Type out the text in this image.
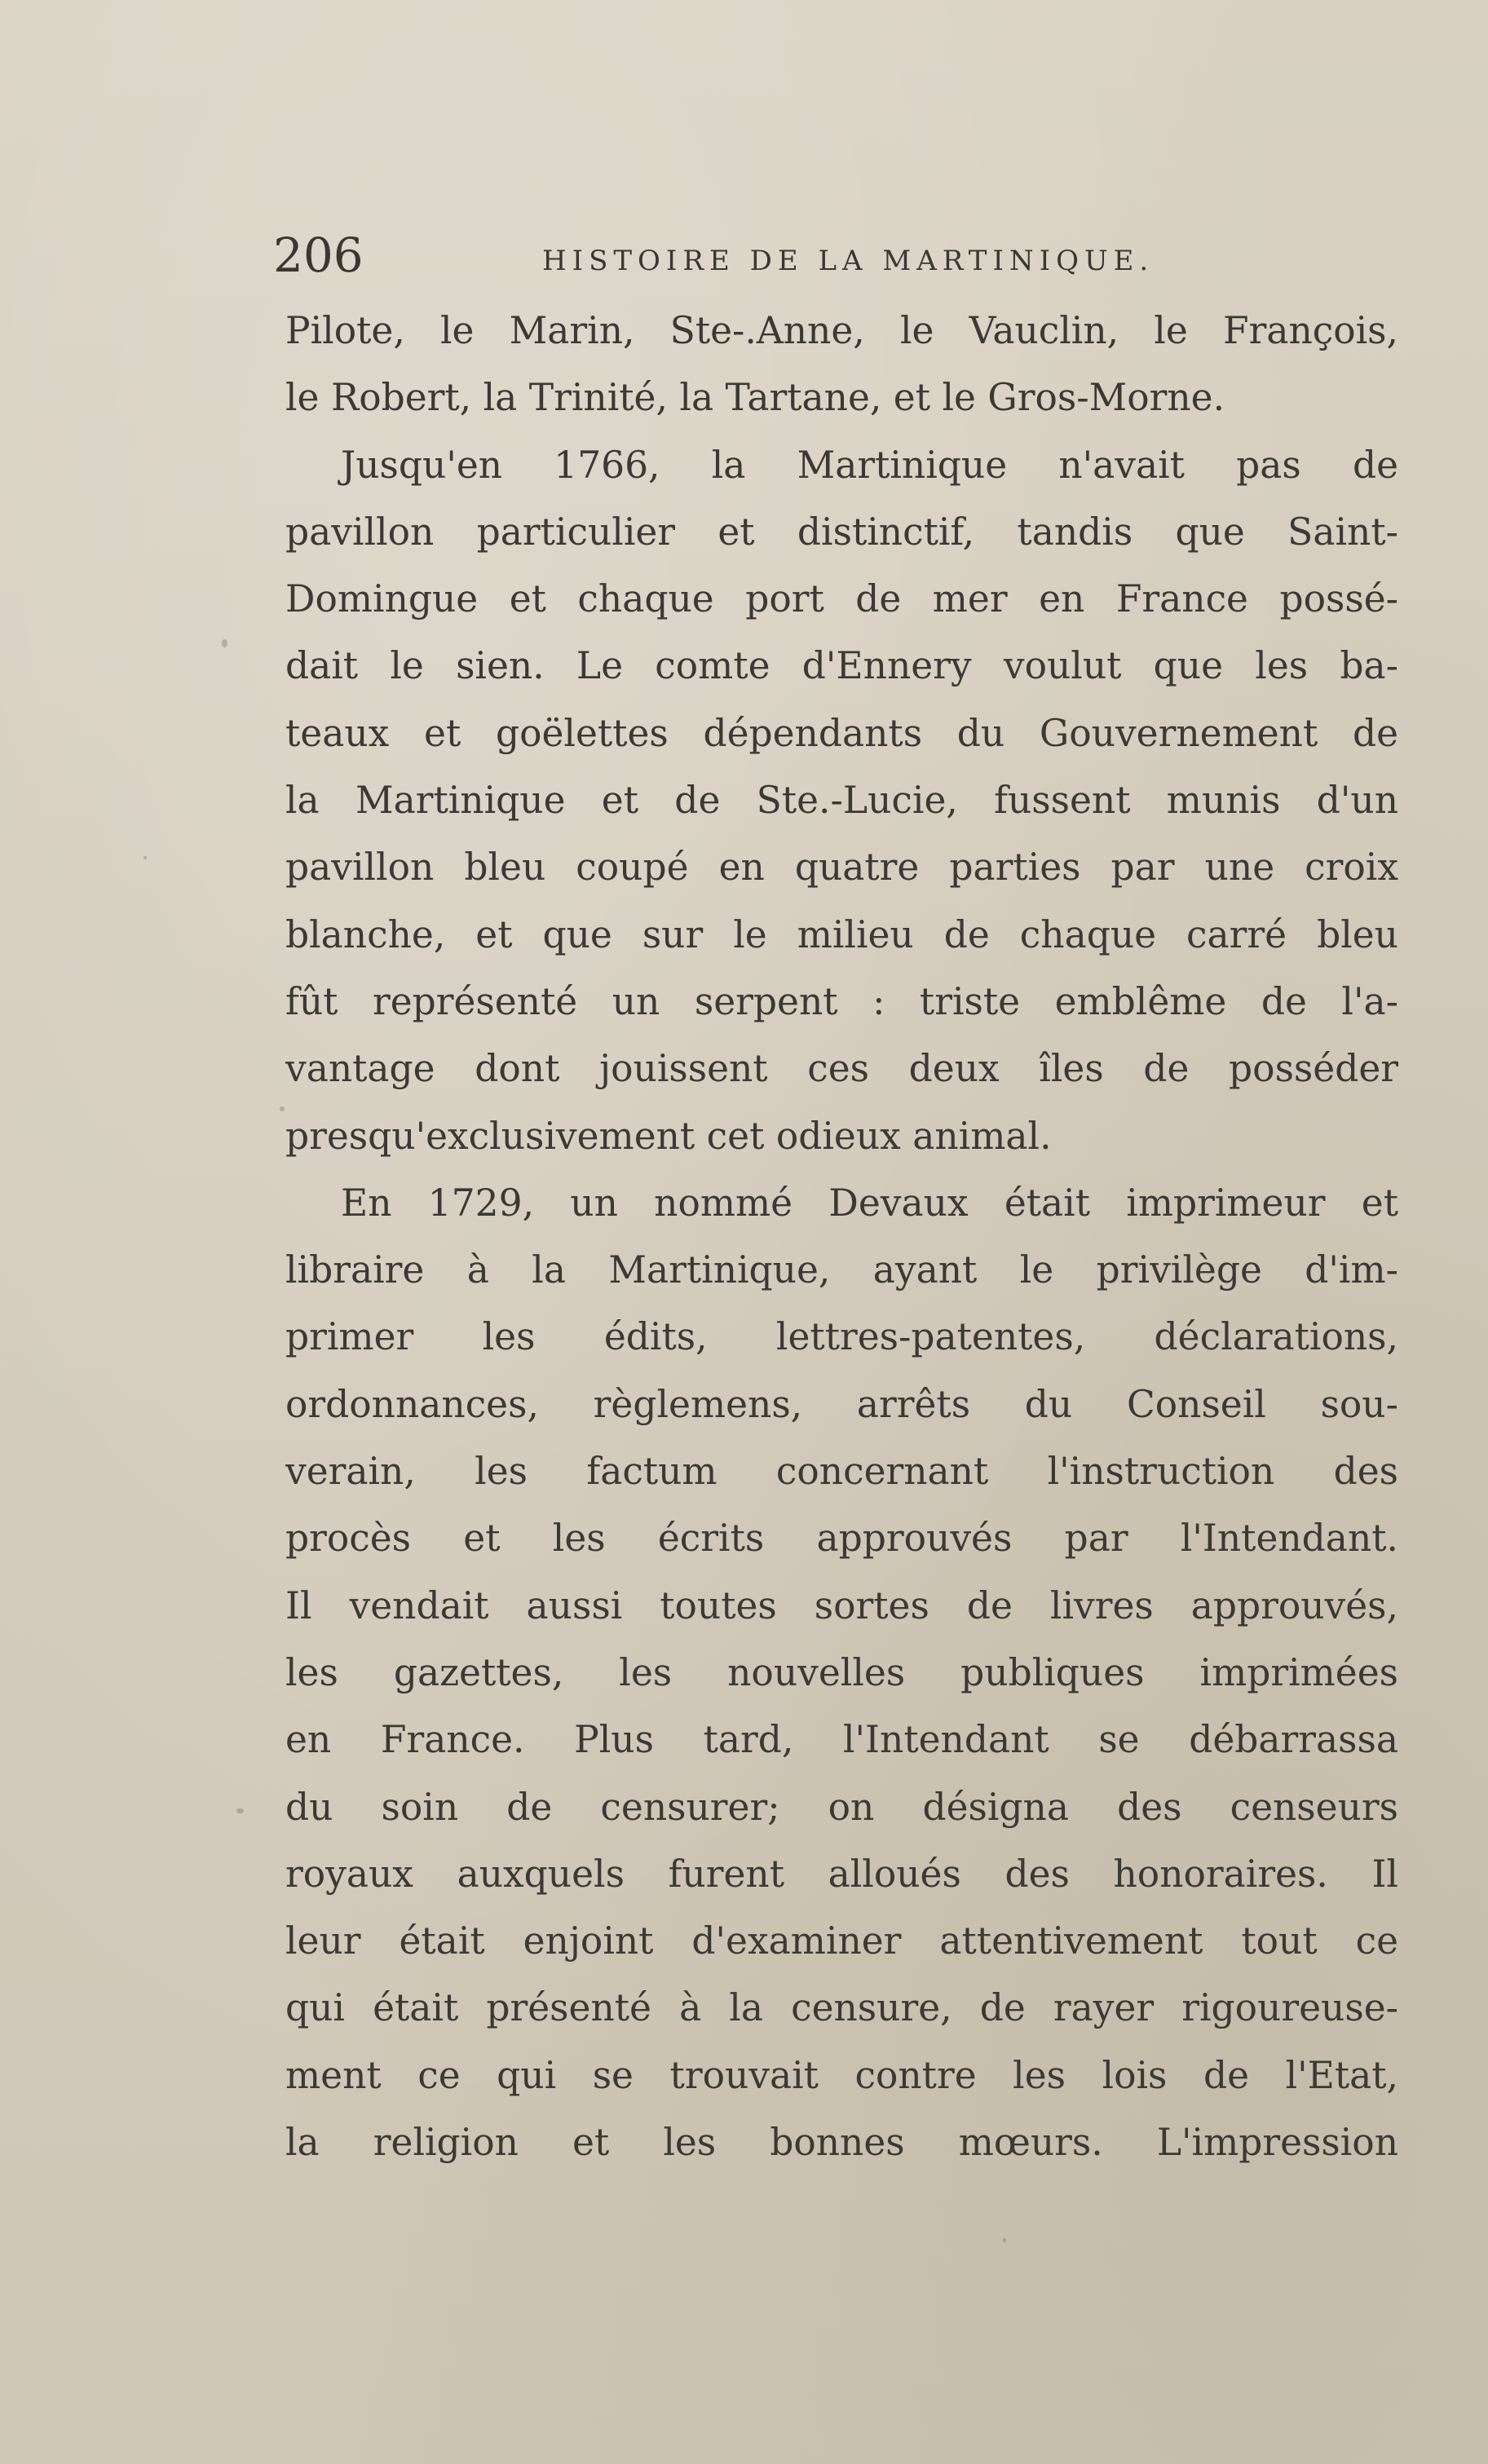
206	HISTOIRE DE LA MARTINIQUE.
Pilote, le Marin, Ste-.Anne, le Vauclin, le François,
le Robert, la Trinité, la Tartane, et le Gros-Morne.
Jusqu'en 1766, la Martinique n'avait pas de
pavillon particulier et distinctif, tandis que Saint-
Domingue et chaque port de mer en France possé-
dait le sien. Le comte d'Ennery voulut que les ba-
teaux et goëlettes dépendants du Gouvernement de
la Martinique et de Ste.-Lucie, fussent munis d'un
pavillon bleu coupé en quatre parties par une croix
blanche, et que sur le milieu de chaque carré bleu
fût représenté un serpent : triste emblême de l'a-
vantage dont jouissent ces deux îles de posséder
presqu'exclusivement cet odieux animal.
En 1729, un nommé Devaux était imprimeur et
libraire à la Martinique, ayant le privilège d'im-
primer les édits, lettres-patentes, déclarations,
ordonnances, règlemens, arrêts du Conseil sou-
verain, les factum concernant l'instruction des
procès et les écrits approuvés par l'Intendant.
Il vendait aussi toutes sortes de livres approuvés,
les gazettes, les nouvelles publiques imprimées
en France. Plus tard, l'Intendant se débarrassa
du soin de censurer; on désigna des censeurs
royaux auxquels furent alloués des honoraires. Il
leur était enjoint d'examiner attentivement tout ce
qui était présenté à la censure, de rayer rigoureuse-
ment ce qui se trouvait contre les lois de l'Etat,
la religion et les bonnes mœurs. L'impression
